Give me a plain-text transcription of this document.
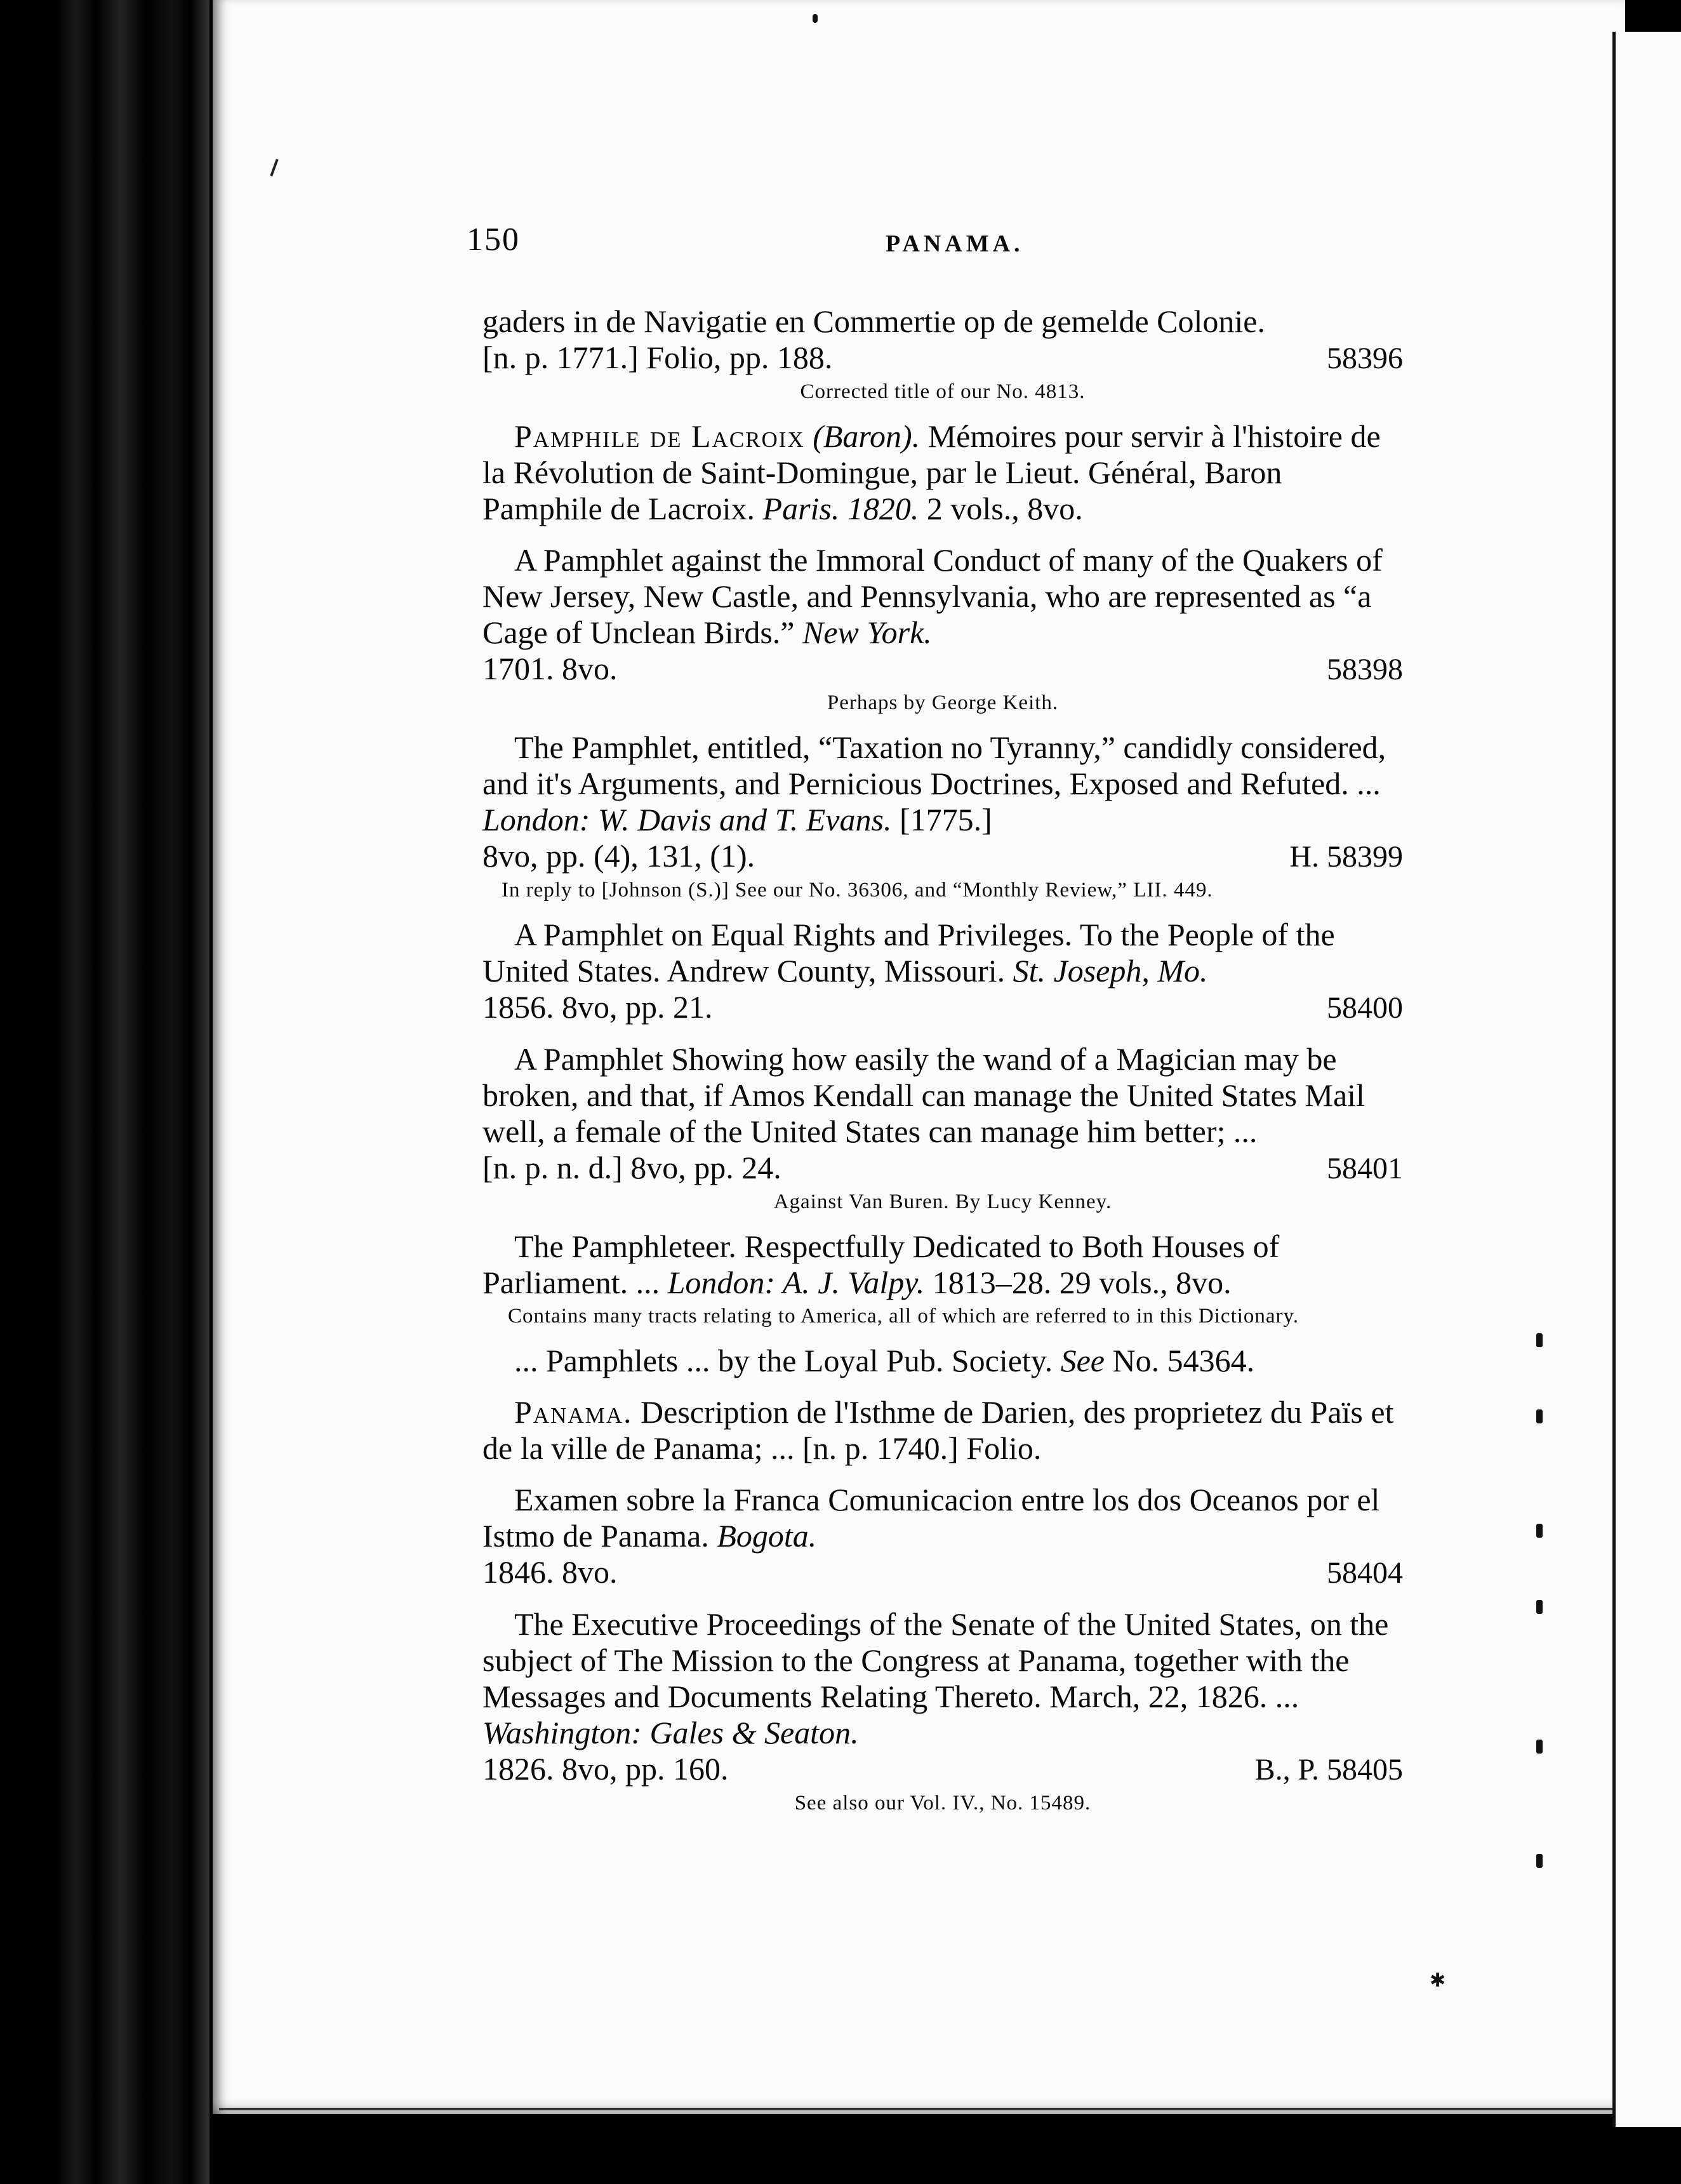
✱
150	PANAMA.
gaders in de Navigatie en Commertie op de gemelde Colonie.
[n. p. 1771.] Folio, pp. 188.	58396
Corrected title of our No. 4813.
Pamphile de Lacroix (Baron). Mémoires pour servir à l'histoire de la Révolution de Saint-Domingue, par le Lieut. Général, Baron Pamphile de Lacroix. Paris. 1820. 2 vols., 8vo.
A Pamphlet against the Immoral Conduct of many of the Quakers of New Jersey, New Castle, and Pennsylvania, who are represented as “a Cage of Unclean Birds.” New York.
1701. 8vo.	58398
Perhaps by George Keith.
The Pamphlet, entitled, “Taxation no Tyranny,” candidly considered, and it's Arguments, and Pernicious Doctrines, Exposed and Refuted. ... London: W. Davis and T. Evans. [1775.]
8vo, pp. (4), 131, (1).	H. 58399
In reply to [Johnson (S.)] See our No. 36306, and “Monthly Review,” LII. 449.
A Pamphlet on Equal Rights and Privileges. To the People of the United States. Andrew County, Missouri. St. Joseph, Mo.
1856. 8vo, pp. 21.	58400
A Pamphlet Showing how easily the wand of a Magician may be broken, and that, if Amos Kendall can manage the United States Mail well, a female of the United States can manage him better; ...
[n. p. n. d.] 8vo, pp. 24.	58401
Against Van Buren. By Lucy Kenney.
The Pamphleteer. Respectfully Dedicated to Both Houses of Parliament. ... London: A. J. Valpy. 1813–28. 29 vols., 8vo.
Contains many tracts relating to America, all of which are referred to in this Dictionary.
... Pamphlets ... by the Loyal Pub. Society. See No. 54364.
Panama. Description de l'Isthme de Darien, des proprietez du Païs et de la ville de Panama; ... [n. p. 1740.] Folio.
Examen sobre la Franca Comunicacion entre los dos Oceanos por el Istmo de Panama. Bogota.
1846. 8vo.	58404
The Executive Proceedings of the Senate of the United States, on the subject of The Mission to the Congress at Panama, together with the Messages and Documents Relating Thereto. March, 22, 1826. ... Washington: Gales & Seaton.
1826. 8vo, pp. 160.	B., P. 58405
See also our Vol. IV., No. 15489.
